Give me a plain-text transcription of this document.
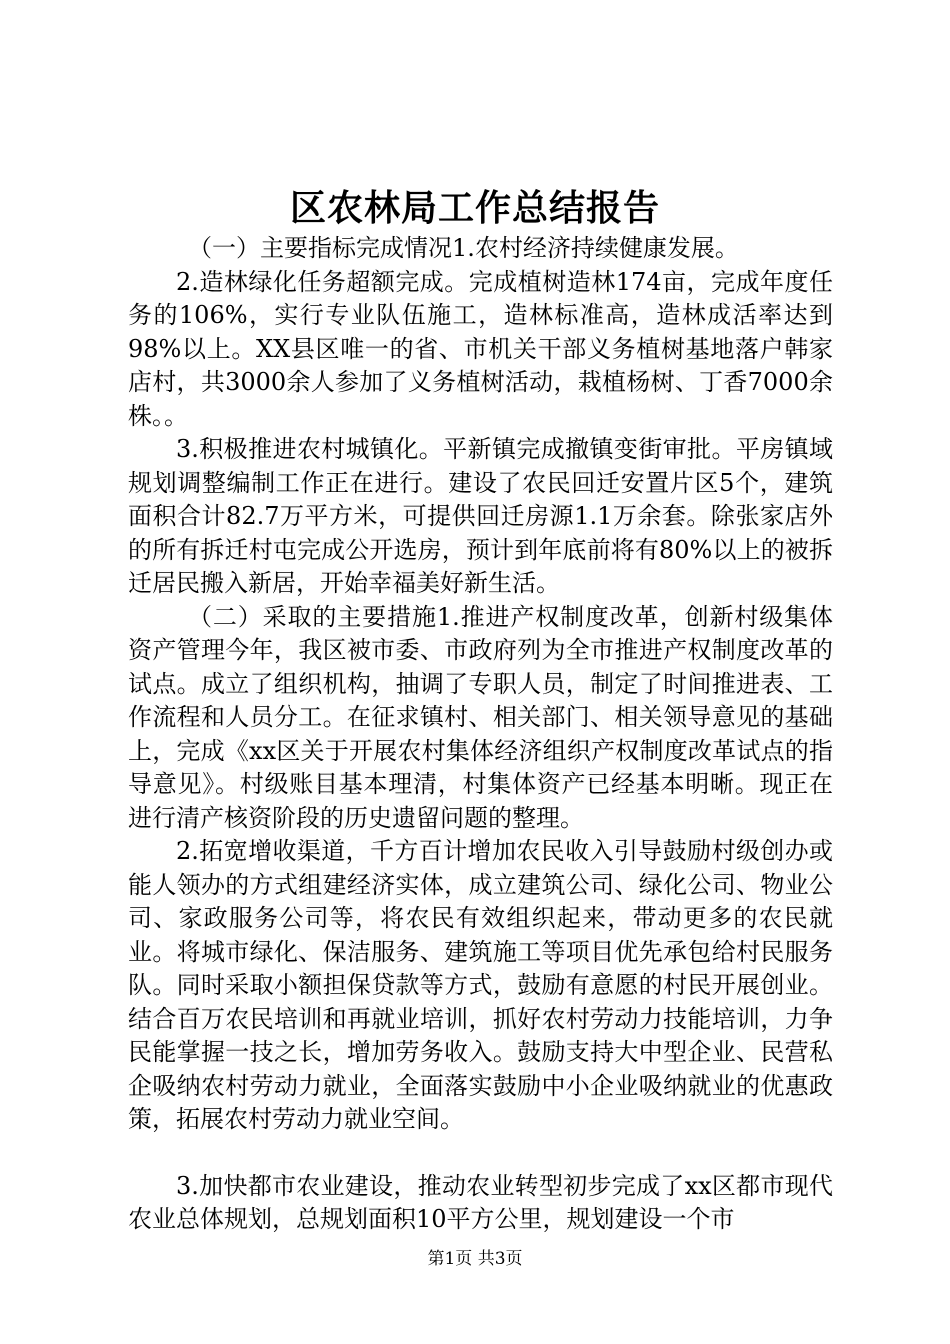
区农林局工作总结报告

（一）主要指标完成情况1.农村经济持续健康发展。

2.造林绿化任务超额完成。完成植树造林174亩，完成年度任务的106%，实行专业队伍施工，造林标准高，造林成活率达到98%以上。XX县区唯一的省、市机关干部义务植树基地落户韩家店村，共3000余人参加了义务植树活动，栽植杨树、丁香7000余株。。

3.积极推进农村城镇化。平新镇完成撤镇变街审批。平房镇域规划调整编制工作正在进行。建设了农民回迁安置片区5个，建筑面积合计82.7万平方米，可提供回迁房源1.1万余套。除张家店外的所有拆迁村屯完成公开选房，预计到年底前将有80%以上的被拆迁居民搬入新居，开始幸福美好新生活。

（二）采取的主要措施1.推进产权制度改革，创新村级集体资产管理今年，我区被市委、市政府列为全市推进产权制度改革的试点。成立了组织机构，抽调了专职人员，制定了时间推进表、工作流程和人员分工。在征求镇村、相关部门、相关领导意见的基础上，完成《xx区关于开展农村集体经济组织产权制度改革试点的指导意见》。村级账目基本理清，村集体资产已经基本明晰。现正在进行清产核资阶段的历史遗留问题的整理。

2.拓宽增收渠道，千方百计增加农民收入引导鼓励村级创办或能人领办的方式组建经济实体，成立建筑公司、绿化公司、物业公司、家政服务公司等，将农民有效组织起来，带动更多的农民就业。将城市绿化、保洁服务、建筑施工等项目优先承包给村民服务队。同时采取小额担保贷款等方式，鼓励有意愿的村民开展创业。结合百万农民培训和再就业培训，抓好农村劳动力技能培训，力争民能掌握一技之长，增加劳务收入。鼓励支持大中型企业、民营私企吸纳农村劳动力就业，全面落实鼓励中小企业吸纳就业的优惠政策，拓展农村劳动力就业空间。

3.加快都市农业建设，推动农业转型初步完成了xx区都市现代农业总体规划，总规划面积10平方公里，规划建设一个市

第1页 共3页
